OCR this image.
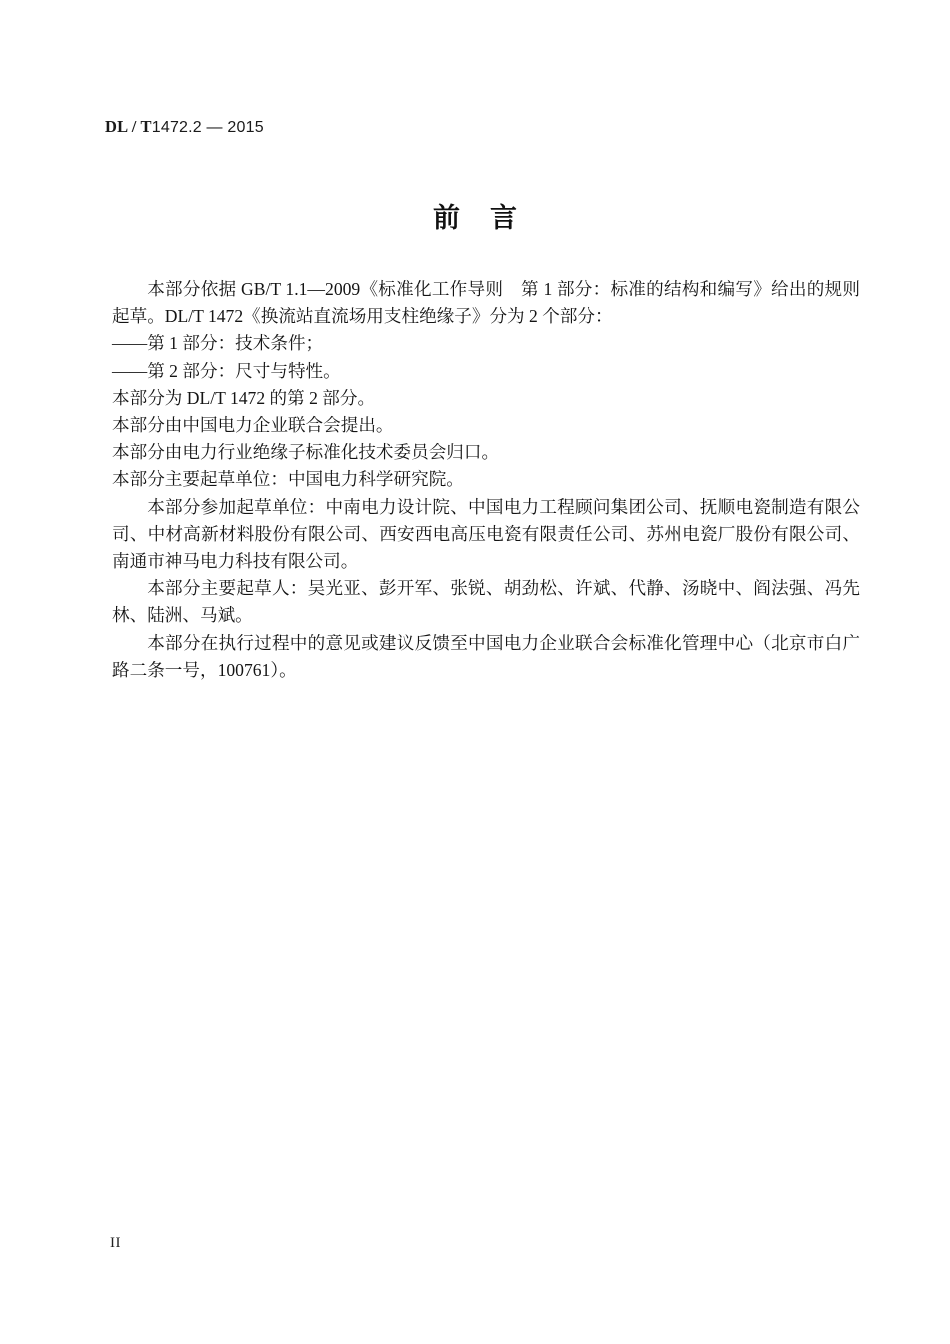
DL / T1472.2 — 2015
前言

本部分依据 GB/T 1.1—2009《标准化工作导则　第 1 部分：标准的结构和编写》给出的规则起草。DL/T 1472《换流站直流场用支柱绝缘子》分为 2 个部分：

——第 1 部分：技术条件；

——第 2 部分：尺寸与特性。

本部分为 DL/T 1472 的第 2 部分。

本部分由中国电力企业联合会提出。

本部分由电力行业绝缘子标准化技术委员会归口。

本部分主要起草单位：中国电力科学研究院。

本部分参加起草单位：中南电力设计院、中国电力工程顾问集团公司、抚顺电瓷制造有限公司、中材高新材料股份有限公司、西安西电高压电瓷有限责任公司、苏州电瓷厂股份有限公司、南通市神马电力科技有限公司。

本部分主要起草人：吴光亚、彭开军、张锐、胡劲松、许斌、代静、汤晓中、阎法强、冯先林、陆洲、马斌。

本部分在执行过程中的意见或建议反馈至中国电力企业联合会标准化管理中心（北京市白广路二条一号，100761）。

II
